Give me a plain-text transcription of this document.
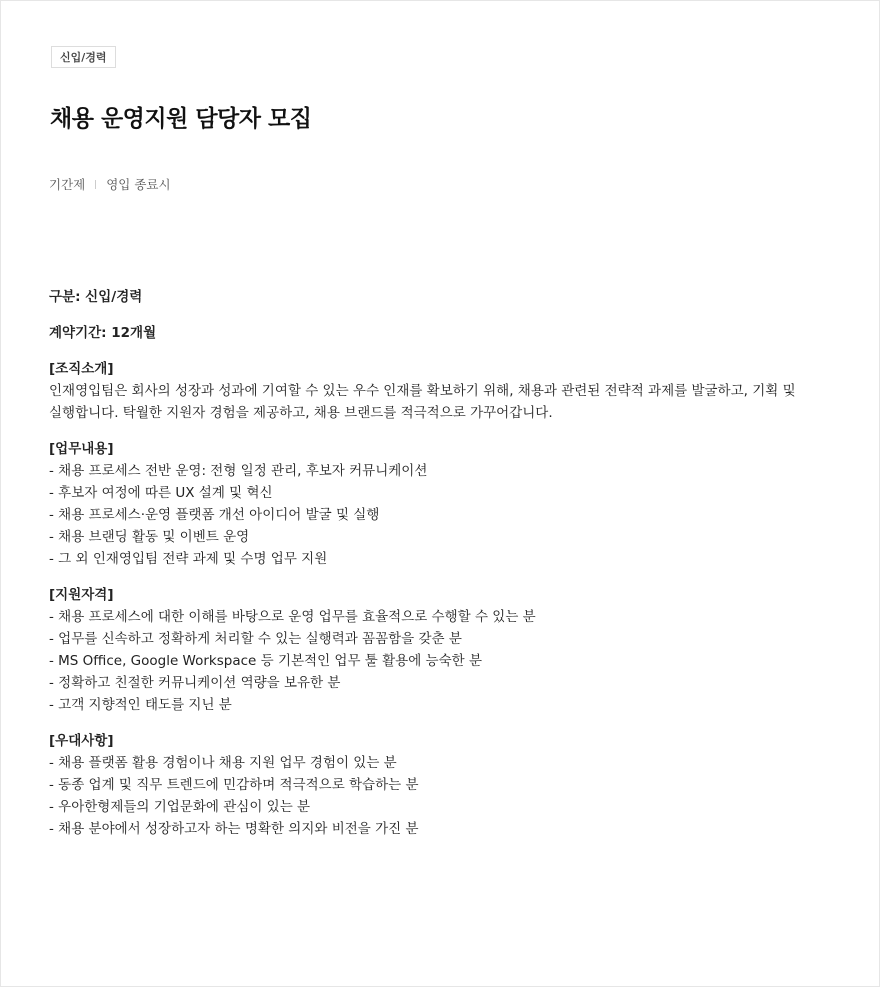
신입/경력
채용 운영지원 담당자 모집
기간제 영입 종료시
구분: 신입/경력
계약기간: 12개월
[조직소개]

인재영입팀은 회사의 성장과 성과에 기여할 수 있는 우수 인재를 확보하기 위해, 채용과 관련된 전략적 과제를 발굴하고, 기획 및 실행합니다. 탁월한 지원자 경험을 제공하고, 채용 브랜드를 적극적으로 가꾸어갑니다.

[업무내용]
- 채용 프로세스 전반 운영: 전형 일정 관리, 후보자 커뮤니케이션
- 후보자 여정에 따른 UX 설계 및 혁신
- 채용 프로세스·운영 플랫폼 개선 아이디어 발굴 및 실행
- 채용 브랜딩 활동 및 이벤트 운영
- 그 외 인재영입팀 전략 과제 및 수명 업무 지원
[지원자격]
- 채용 프로세스에 대한 이해를 바탕으로 운영 업무를 효율적으로 수행할 수 있는 분
- 업무를 신속하고 정확하게 처리할 수 있는 실행력과 꼼꼼함을 갖춘 분
- MS Office, Google Workspace 등 기본적인 업무 툴 활용에 능숙한 분
- 정확하고 친절한 커뮤니케이션 역량을 보유한 분
- 고객 지향적인 태도를 지닌 분
[우대사항]
- 채용 플랫폼 활용 경험이나 채용 지원 업무 경험이 있는 분
- 동종 업계 및 직무 트렌드에 민감하며 적극적으로 학습하는 분
- 우아한형제들의 기업문화에 관심이 있는 분
- 채용 분야에서 성장하고자 하는 명확한 의지와 비전을 가진 분
